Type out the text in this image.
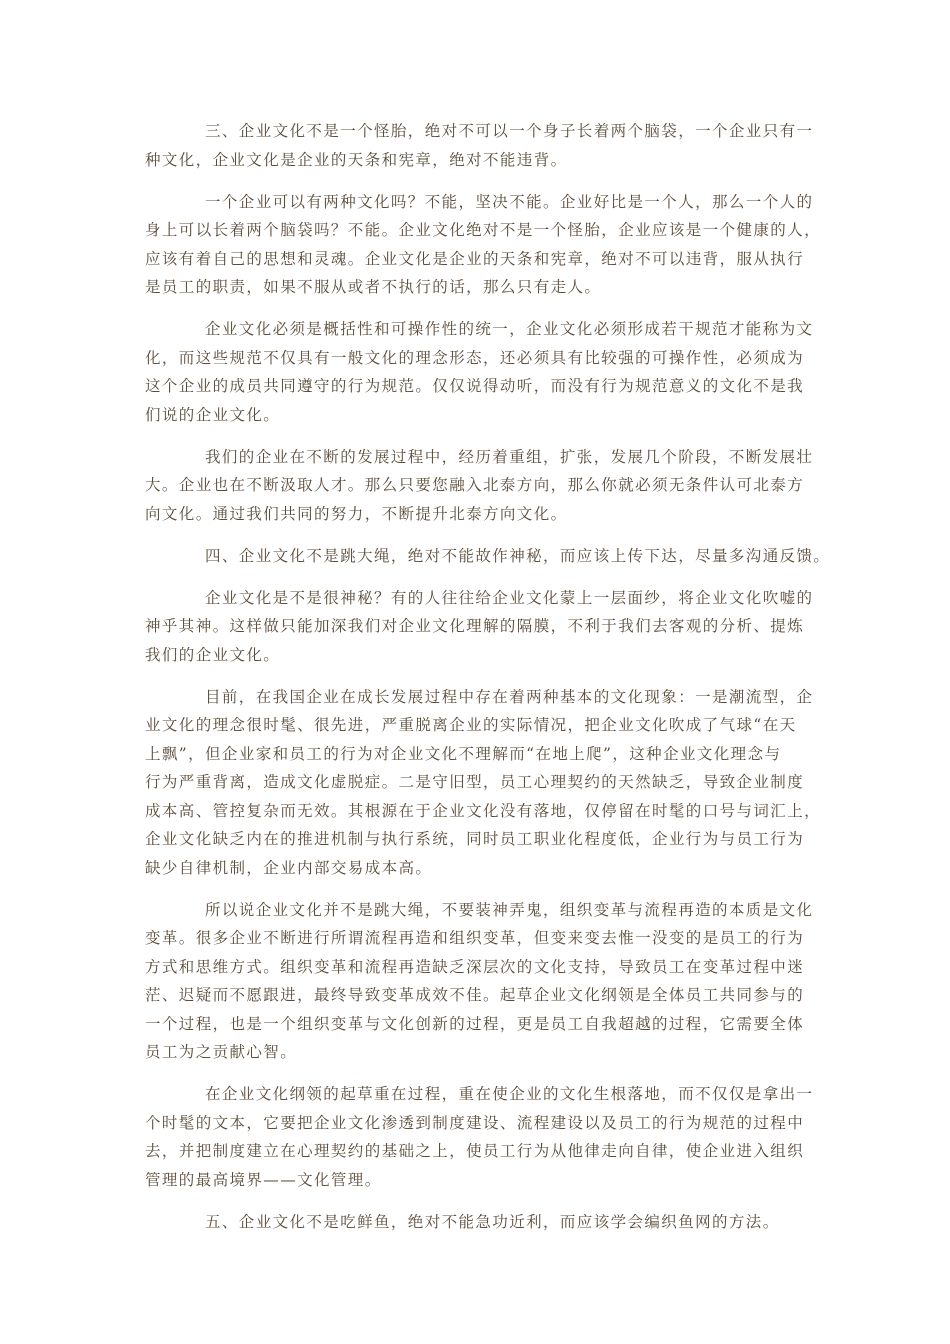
三、企业文化不是一个怪胎，绝对不可以一个身子长着两个脑袋，一个企业只有一
种文化，企业文化是企业的天条和宪章，绝对不能违背。
一个企业可以有两种文化吗？不能，坚决不能。企业好比是一个人，那么一个人的
身上可以长着两个脑袋吗？不能。企业文化绝对不是一个怪胎，企业应该是一个健康的人，
应该有着自己的思想和灵魂。企业文化是企业的天条和宪章，绝对不可以违背，服从执行
是员工的职责，如果不服从或者不执行的话，那么只有走人。
企业文化必须是概括性和可操作性的统一，企业文化必须形成若干规范才能称为文
化，而这些规范不仅具有一般文化的理念形态，还必须具有比较强的可操作性，必须成为
这个企业的成员共同遵守的行为规范。仅仅说得动听，而没有行为规范意义的文化不是我
们说的企业文化。
我们的企业在不断的发展过程中，经历着重组，扩张，发展几个阶段，不断发展壮
大。企业也在不断汲取人才。那么只要您融入北泰方向，那么你就必须无条件认可北泰方
向文化。通过我们共同的努力，不断提升北泰方向文化。
四、企业文化不是跳大绳，绝对不能故作神秘，而应该上传下达，尽量多沟通反馈。
企业文化是不是很神秘？有的人往往给企业文化蒙上一层面纱，将企业文化吹嘘的
神乎其神。这样做只能加深我们对企业文化理解的隔膜，不利于我们去客观的分析、提炼
我们的企业文化。
目前，在我国企业在成长发展过程中存在着两种基本的文化现象：一是潮流型，企
业文化的理念很时髦、很先进，严重脱离企业的实际情况，把企业文化吹成了气球“在天
上飘”，但企业家和员工的行为对企业文化不理解而“在地上爬”，这种企业文化理念与
行为严重背离，造成文化虚脱症。二是守旧型，员工心理契约的天然缺乏，导致企业制度
成本高、管控复杂而无效。其根源在于企业文化没有落地，仅停留在时髦的口号与词汇上，
企业文化缺乏内在的推进机制与执行系统，同时员工职业化程度低，企业行为与员工行为
缺少自律机制，企业内部交易成本高。
所以说企业文化并不是跳大绳，不要装神弄鬼，组织变革与流程再造的本质是文化
变革。很多企业不断进行所谓流程再造和组织变革，但变来变去惟一没变的是员工的行为
方式和思维方式。组织变革和流程再造缺乏深层次的文化支持，导致员工在变革过程中迷
茫、迟疑而不愿跟进，最终导致变革成效不佳。起草企业文化纲领是全体员工共同参与的
一个过程，也是一个组织变革与文化创新的过程，更是员工自我超越的过程，它需要全体
员工为之贡献心智。
在企业文化纲领的起草重在过程，重在使企业的文化生根落地，而不仅仅是拿出一
个时髦的文本，它要把企业文化渗透到制度建设、流程建设以及员工的行为规范的过程中
去，并把制度建立在心理契约的基础之上，使员工行为从他律走向自律，使企业进入组织
管理的最高境界——文化管理。
五、企业文化不是吃鲜鱼，绝对不能急功近利，而应该学会编织鱼网的方法。
